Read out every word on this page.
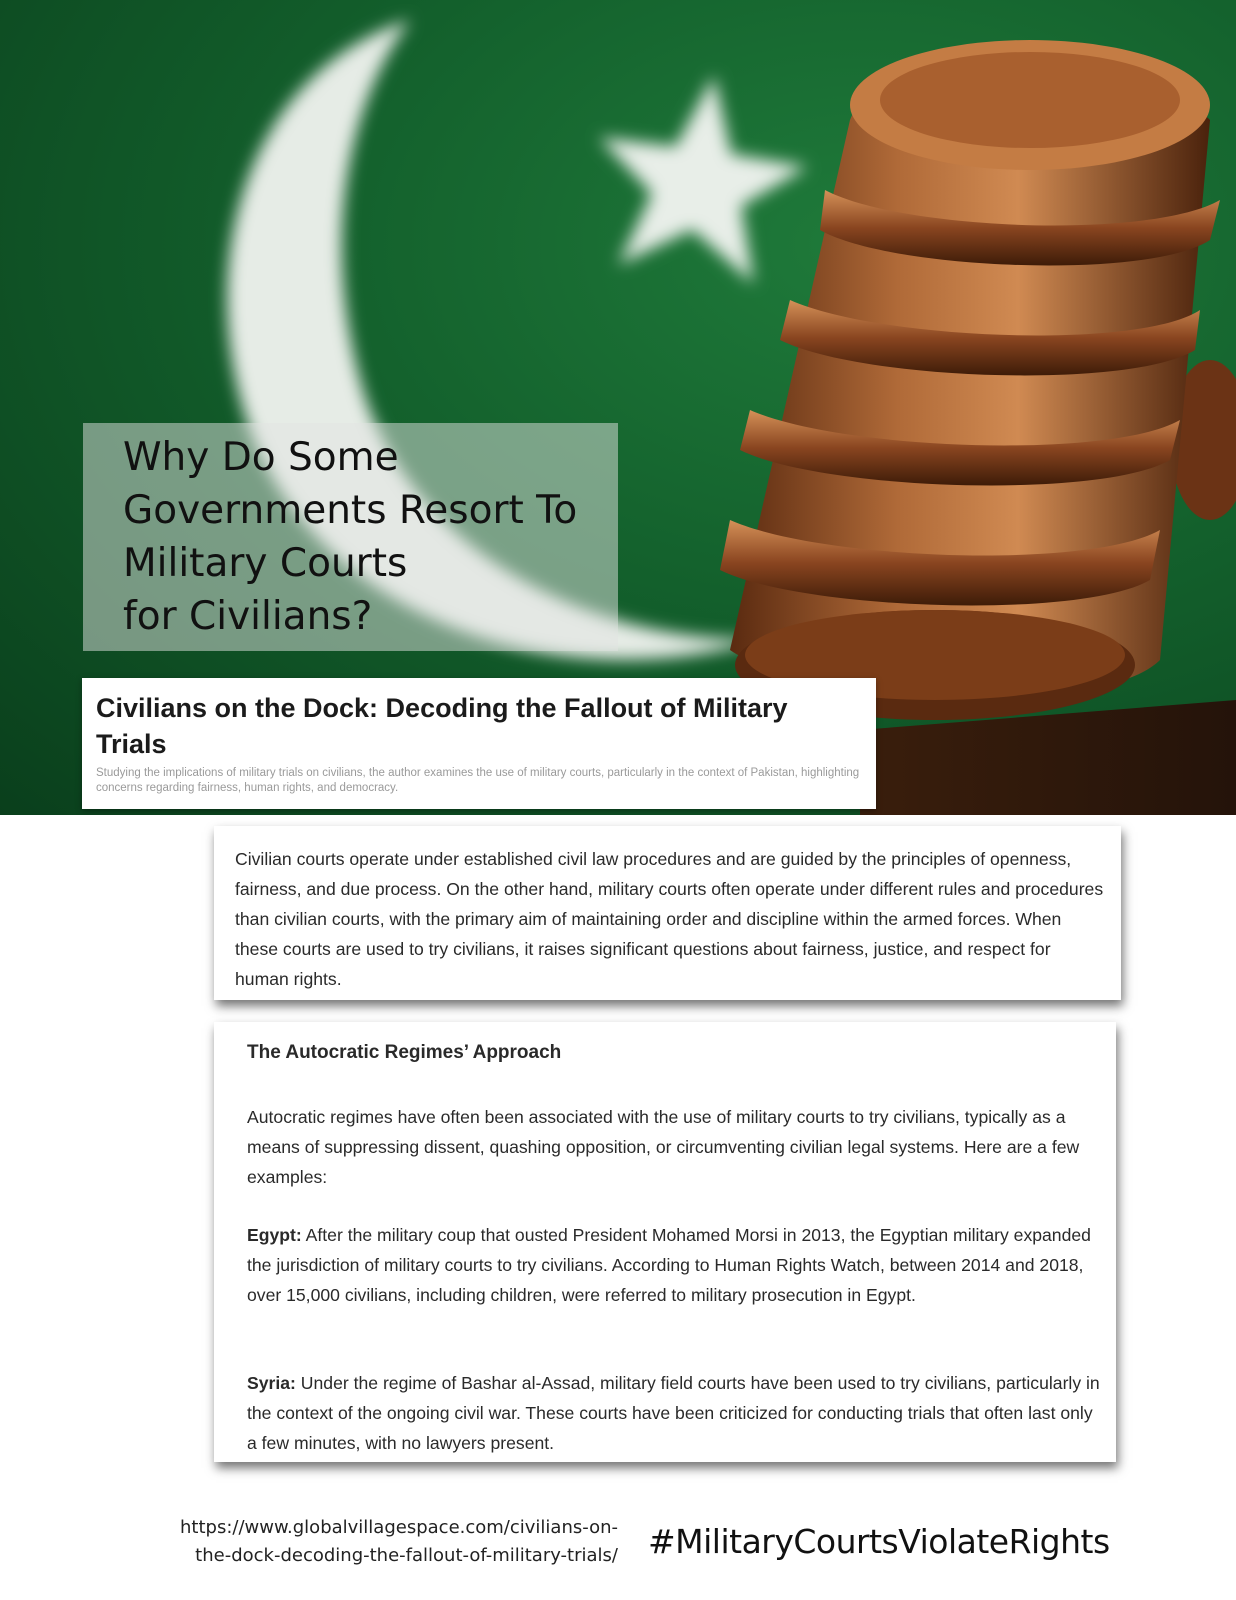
Why Do Some
Governments Resort To
Military Courts
for Civilians?
Civilians on the Dock: Decoding the Fallout of Military Trials

Studying the implications of military trials on civilians, the author examines the use of military courts, particularly in the context of Pakistan, highlighting concerns regarding fairness, human rights, and democracy.

Civilian courts operate under established civil law procedures and are guided by the principles of openness, fairness, and due process. On the other hand, military courts often operate under different rules and procedures than civilian courts, with the primary aim of maintaining order and discipline within the armed forces. When these courts are used to try civilians, it raises significant questions about fairness, justice, and respect for human rights.

The Autocratic Regimes’ Approach

Autocratic regimes have often been associated with the use of military courts to try civilians, typically as a means of suppressing dissent, quashing opposition, or circumventing civilian legal systems. Here are a few examples:

Egypt: After the military coup that ousted President Mohamed Morsi in 2013, the Egyptian military expanded the jurisdiction of military courts to try civilians. According to Human Rights Watch, between 2014 and 2018, over 15,000 civilians, including children, were referred to military prosecution in Egypt.

Syria: Under the regime of Bashar al-Assad, military field courts have been used to try civilians, particularly in the context of the ongoing civil war. These courts have been criticized for conducting trials that often last only a few minutes, with no lawyers present.

https://www.globalvillagespace.com/civilians-on-
the-dock-decoding-the-fallout-of-military-trials/ #MilitaryCourtsViolateRights
